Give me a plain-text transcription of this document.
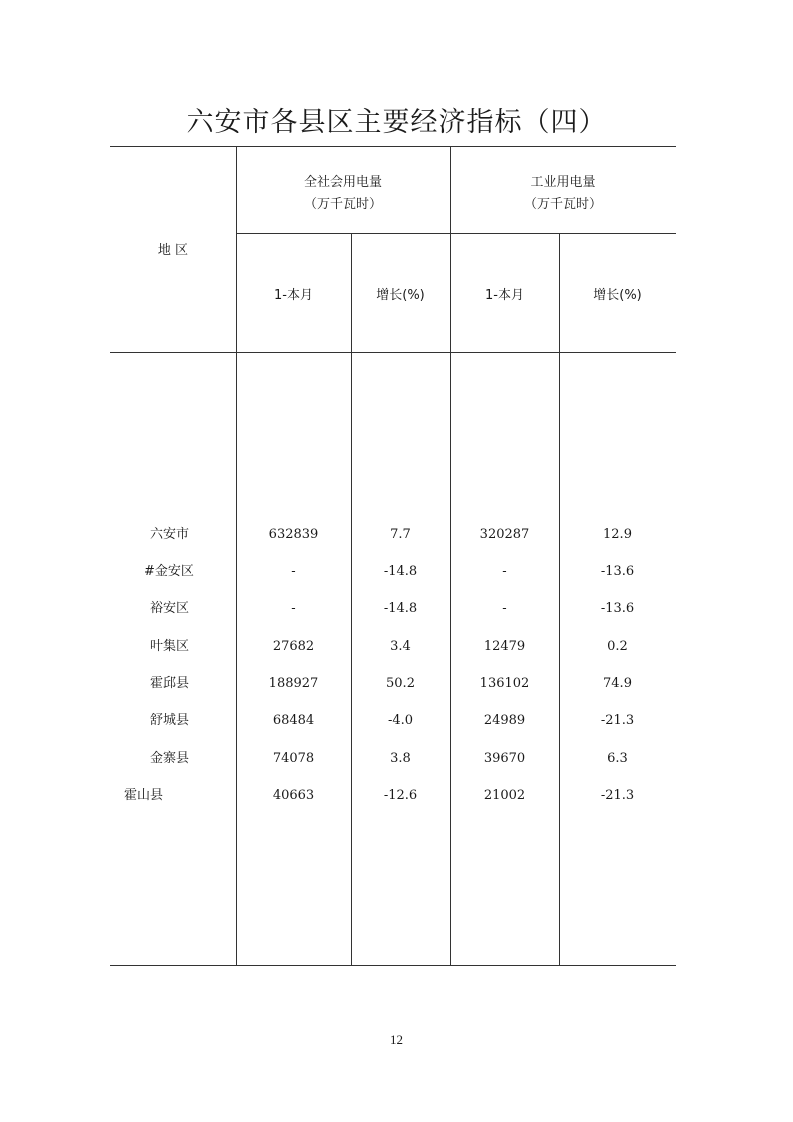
六安市各县区主要经济指标（四）
地 区
全社会用电量
（万千瓦时）
工业用电量
（万千瓦时）
1-本月	增长(%)	1-本月	增长(%)
六安市	632839	7.7	320287	12.9
#金安区	-	-14.8	-	-13.6
裕安区	-	-14.8	-	-13.6
叶集区	27682	3.4	12479	0.2
霍邱县	188927	50.2	136102	74.9
舒城县	68484	-4.0	24989	-21.3
金寨县	74078	3.8	39670	6.3
霍山县	40663	-12.6	21002	-21.3
12
